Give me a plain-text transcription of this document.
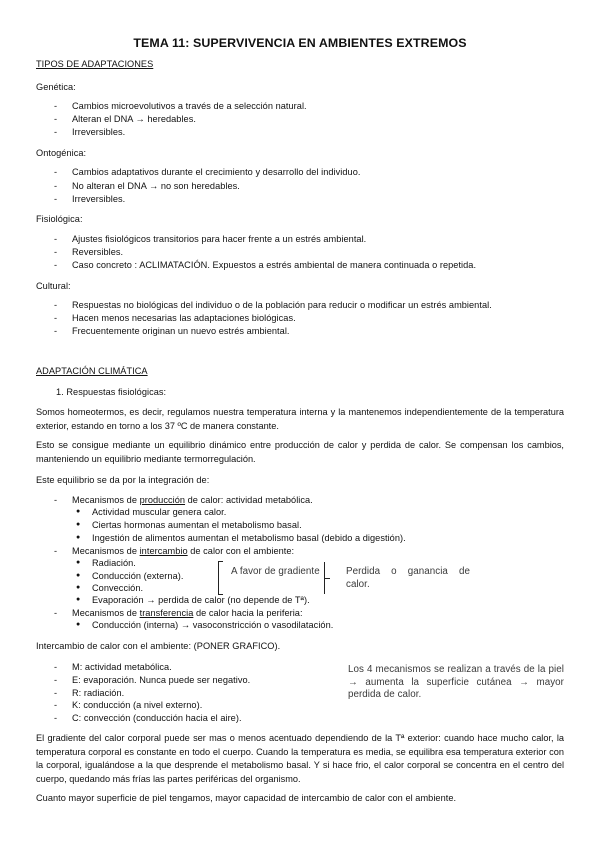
TEMA 11: SUPERVIVENCIA EN AMBIENTES EXTREMOS
TIPOS DE ADAPTACIONES
Genética:
- Cambios microevolutivos a través de a selección natural.
- Alteran el DNA → heredables.
- Irreversibles.
Ontogénica:
- Cambios adaptativos durante el crecimiento y desarrollo del individuo.
- No alteran el DNA → no son heredables.
- Irreversibles.
Fisiológica:
- Ajustes fisiológicos transitorios para hacer frente a un estrés ambiental.
- Reversibles.
- Caso concreto : ACLIMATACIÓN. Expuestos a estrés ambiental de manera continuada o repetida.
Cultural:
- Respuestas no biológicas del individuo o de la población para reducir o modificar un estrés ambiental.
- Hacen menos necesarias las adaptaciones biológicas.
- Frecuentemente originan un nuevo estrés ambiental.
ADAPTACIÓN CLIMÁTICA
1. Respuestas fisiológicas:
Somos homeotermos, es decir, regulamos nuestra temperatura interna y la mantenemos independientemente de la temperatura exterior, estando en torno a los 37 ºC de manera constante.
Esto se consigue mediante un equilibrio dinámico entre producción de calor y perdida de calor. Se compensan los cambios, manteniendo un equilibrio mediante termorregulación.
Este equilibrio se da por la integración de:
- Mecanismos de producción de calor: actividad metabólica.
● Actividad muscular genera calor.
● Ciertas hormonas aumentan el metabolismo basal.
● Ingestión de alimentos aumentan el metabolismo basal (debido a digestión).
- Mecanismos de intercambio de calor con el ambiente:
● Radiación.
● Conducción (externa).
● Convección.
● Evaporación → perdida de calor (no depende de Tª).
A favor de gradiente	Perdida o ganancia de calor.
- Mecanismos de transferencia de calor hacia la periferia:
● Conducción (interna) → vasoconstricción o vasodilatación.
Intercambio de calor con el ambiente: (PONER GRAFICO).
- M: actividad metabólica.
- E: evaporación. Nunca puede ser negativo.
- R: radiación.
- K: conducción (a nivel externo).
- C: convección (conducción hacia el aire).
Los 4 mecanismos se realizan a través de la piel → aumenta la superficie cutánea → mayor perdida de calor.
El gradiente del calor corporal puede ser mas o menos acentuado dependiendo de la Tª exterior: cuando hace mucho calor, la temperatura corporal es constante en todo el cuerpo. Cuando la temperatura es media, se equilibra esa temperatura exterior con la corporal, igualándose a la que desprende el metabolismo basal. Y si hace frio, el calor corporal se concentra en el centro del cuerpo, quedando más frías las partes periféricas del organismo.
Cuanto mayor superficie de piel tengamos, mayor capacidad de intercambio de calor con el ambiente.
